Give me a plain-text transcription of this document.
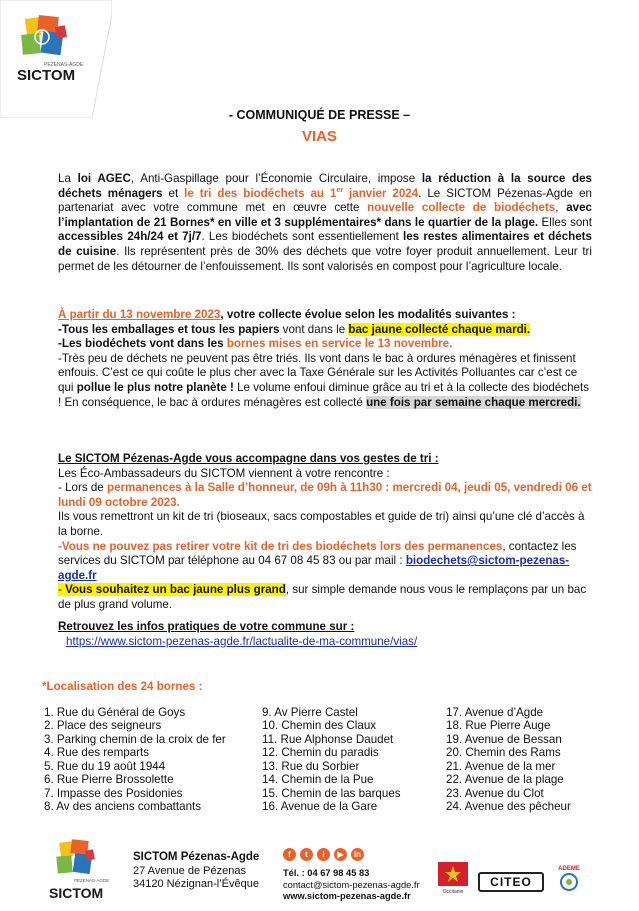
PEZENAS-AGDE
SICTOM
- COMMUNIQUÉ DE PRESSE –
VIAS
La loi AGEC, Anti-Gaspillage pour l’Économie Circulaire, impose la réduction à la source des déchets ménagers et le tri des biodéchets au 1er janvier 2024. Le SICTOM Pézenas-Agde en partenariat avec votre commune met en œuvre cette nouvelle collecte de biodéchets, avec l’implantation de 21 Bornes* en ville et 3 supplémentaires* dans le quartier de la plage. Elles sont accessibles 24h/24 et 7j/7. Les biodéchets sont essentiellement les restes alimentaires et déchets de cuisine. Ils représentent près de 30% des déchets que votre foyer produit annuellement. Leur tri permet de les détourner de l’enfouissement. Ils sont valorisés en compost pour l’agriculture locale.
À partir du 13 novembre 2023, votre collecte évolue selon les modalités suivantes :
-Tous les emballages et tous les papiers vont dans le bac jaune collecté chaque mardi.
-Les biodéchets vont dans les bornes mises en service le 13 novembre.
-Très peu de déchets ne peuvent pas être triés. Ils vont dans le bac à ordures ménagères et finissent enfouis. C’est ce qui coûte le plus cher avec la Taxe Générale sur les Activités Polluantes car c’est ce qui pollue le plus notre planète ! Le volume enfoui diminue grâce au tri et à la collecte des biodéchets ! En conséquence, le bac à ordures ménagères est collecté une fois par semaine chaque mercredi.
Le SICTOM Pézenas-Agde vous accompagne dans vos gestes de tri :
Les Éco-Ambassadeurs du SICTOM viennent à votre rencontre :
- Lors de permanences à la Salle d’honneur, de 09h à 11h30 : mercredi 04, jeudi 05, vendredi 06 et lundi 09 octobre 2023.
Ils vous remettront un kit de tri (bioseaux, sacs compostables et guide de tri) ainsi qu’une clé d’accès à la borne.
-Vous ne pouvez pas retirer votre kit de tri des biodéchets lors des permanences, contactez les services du SICTOM par téléphone au 04 67 08 45 83 ou par mail : biodechets@sictom-pezenas-agde.fr
- Vous souhaitez un bac jaune plus grand, sur simple demande nous vous le remplaçons par un bac de plus grand volume.
Retrouvez les infos pratiques de votre commune sur :
https://www.sictom-pezenas-agde.fr/lactualite-de-ma-commune/vias/
*Localisation des 24 bornes :
1. Rue du Général de Goys
2. Place des seigneurs
3. Parking chemin de la croix de fer
4. Rue des remparts
5. Rue du 19 août 1944
6. Rue Pierre Brossolette
7. Impasse des Posidonies
8. Av des anciens combattants
9. Av Pierre Castel
10. Chemin des Claux
11. Rue Alphonse Daudet
12. Chemin du paradis
13. Rue du Sorbier
14. Chemin de la Pue
15. Chemin de las barques
16. Avenue de la Gare
17. Avenue d’Agde
18. Rue Pierre Auge
19. Avenue de Bessan
20. Chemin des Rams
21. Avenue de la mer
22. Avenue de la plage
23. Avenue du Clot
24. Avenue des pêcheur
PEZENAS-AGDE
SICTOM
SICTOM Pézenas-Agde
27 Avenue de Pézenas
34120 Nézignan-l’Évêque
f	t	i	▶	in
Tél. : 04 67 98 45 83
contact@sictom-pezenas-agde.fr
www.sictom-pezenas-agde.fr	Occitanie
CITEO
ADEME
